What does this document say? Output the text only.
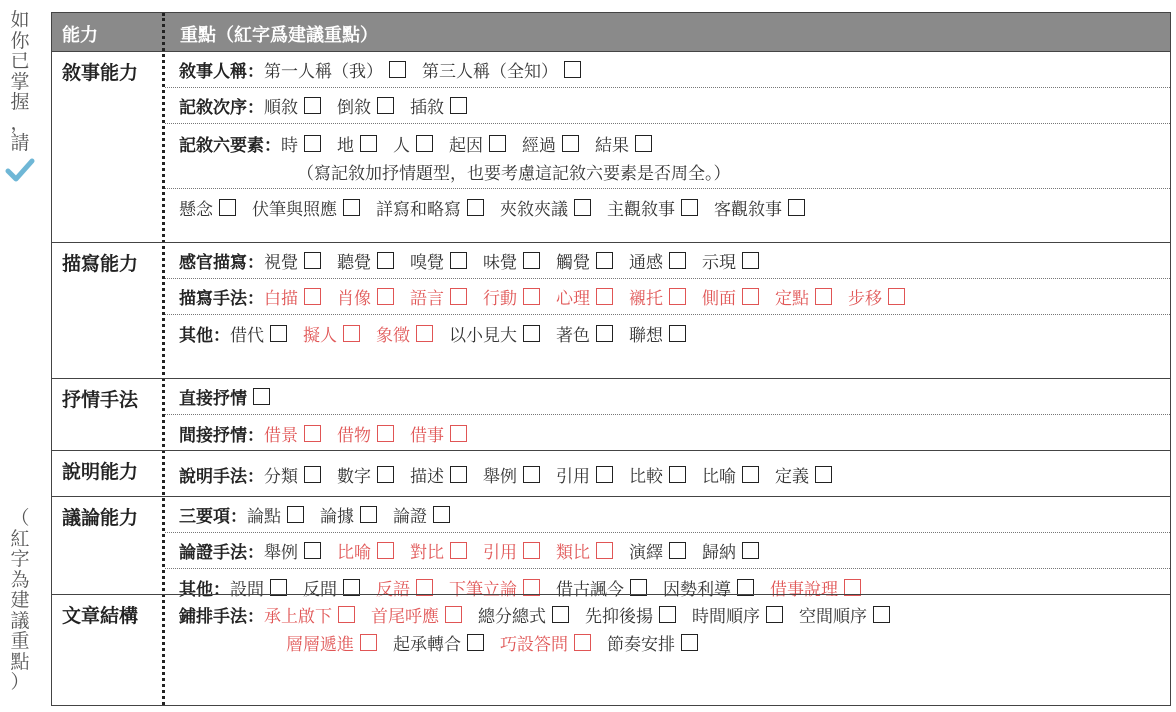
如
你
已
掌
握
，
請
（
紅
字
為
建
議
重
點
）
能力	重點（紅字爲建議重點）
敘事能力 敘事人稱： 第一人稱（我） 第三人稱（全知）
記敘次序： 順敘 倒敘 插敘
記敘六要素： 時 地 人 起因 經過 結果
（寫記敘加抒情題型，也要考慮這記敘六要素是否周全。）
懸念 伏筆與照應 詳寫和略寫 夾敘夾議 主觀敘事 客觀敘事
描寫能力 感官描寫： 視覺 聽覺 嗅覺 味覺 觸覺 通感 示現
描寫手法： 白描 肖像 語言 行動 心理 襯托 側面 定點 步移
其他： 借代 擬人 象徵 以小見大 著色 聯想
抒情手法 直接抒情
間接抒情： 借景 借物 借事
說明能力 說明手法： 分類 數字 描述 舉例 引用 比較 比喻 定義
議論能力 三要項： 論點 論據 論證
論證手法： 舉例 比喻 對比 引用 類比 演繹 歸納
其他： 設問 反問 反語 下筆立論 借古諷今 因勢利導 借事說理
文章結構 鋪排手法： 承上啟下 首尾呼應 總分總式 先抑後揚 時間順序 空間順序
層層遞進 起承轉合 巧設答問 節奏安排
